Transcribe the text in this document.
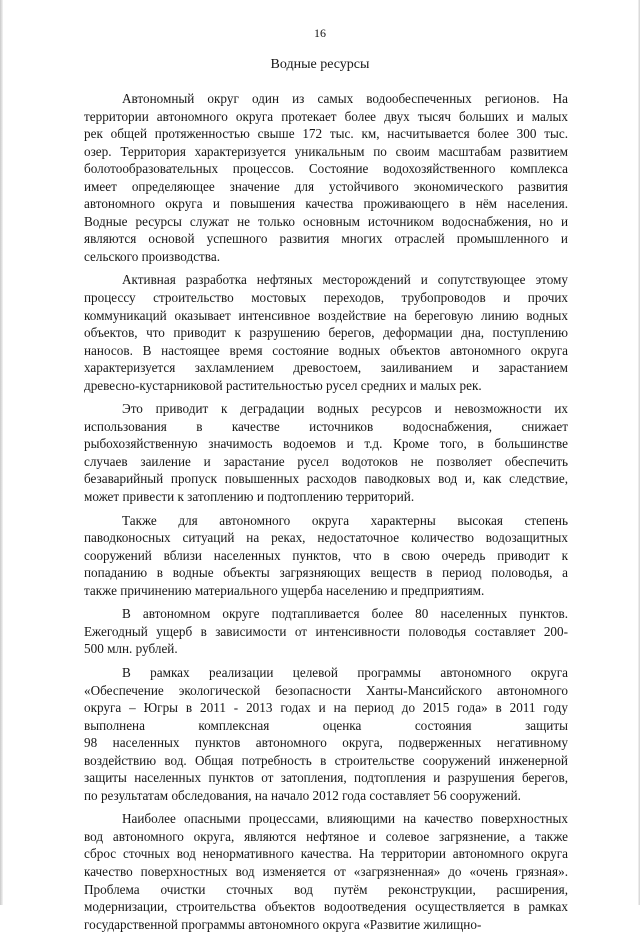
16
Водные ресурсы
Автономный округ один из самых водообеспеченных регионов. На
территории автономного округа протекает более двух тысяч больших и малых
рек общей протяженностью свыше 172 тыс. км, насчитывается более 300 тыс.
озер. Территория характеризуется уникальным по своим масштабам развитием
болотообразовательных процессов. Состояние водохозяйственного комплекса
имеет определяющее значение для устойчивого экономического развития
автономного округа и повышения качества проживающего в нём населения.
Водные ресурсы служат не только основным источником водоснабжения, но и
являются основой успешного развития многих отраслей промышленного и
сельского производства.
Активная разработка нефтяных месторождений и сопутствующее этому
процессу строительство мостовых переходов, трубопроводов и прочих
коммуникаций оказывает интенсивное воздействие на береговую линию водных
объектов, что приводит к разрушению берегов, деформации дна, поступлению
наносов. В настоящее время состояние водных объектов автономного округа
характеризуется захламлением древостоем, заиливанием и зарастанием
древесно-кустарниковой растительностью русел средних и малых рек.
Это приводит к деградации водных ресурсов и невозможности их
использования в качестве источников водоснабжения, снижает
рыбохозяйственную значимость водоемов и т.д. Кроме того, в большинстве
случаев заиление и зарастание русел водотоков не позволяет обеспечить
безаварийный пропуск повышенных расходов паводковых вод и, как следствие,
может привести к затоплению и подтоплению территорий.
Также для автономного округа характерны высокая степень
паводконосных ситуаций на реках, недостаточное количество водозащитных
сооружений вблизи населенных пунктов, что в свою очередь приводит к
попаданию в водные объекты загрязняющих веществ в период половодья, а
также причинению материального ущерба населению и предприятиям.
В автономном округе подтапливается более 80 населенных пунктов.
Ежегодный ущерб в зависимости от интенсивности половодья составляет 200-
500 млн. рублей.
В рамках реализации целевой программы автономного округа
«Обеспечение экологической безопасности Ханты-Мансийского автономного
округа – Югры в 2011 - 2013 годах и на период до 2015 года» в 2011 году
выполнена комплексная оценка состояния защиты
98 населенных пунктов автономного округа, подверженных негативному
воздействию вод. Общая потребность в строительстве сооружений инженерной
защиты населенных пунктов от затопления, подтопления и разрушения берегов,
по результатам обследования, на начало 2012 года составляет 56 сооружений.
Наиболее опасными процессами, влияющими на качество поверхностных
вод автономного округа, являются нефтяное и солевое загрязнение, а также
сброс сточных вод ненормативного качества. На территории автономного округа
качество поверхностных вод изменяется от «загрязненная» до «очень грязная».
Проблема очистки сточных вод путём реконструкции, расширения,
модернизации, строительства объектов водоотведения осуществляется в рамках
государственной программы автономного округа «Развитие жилищно-
